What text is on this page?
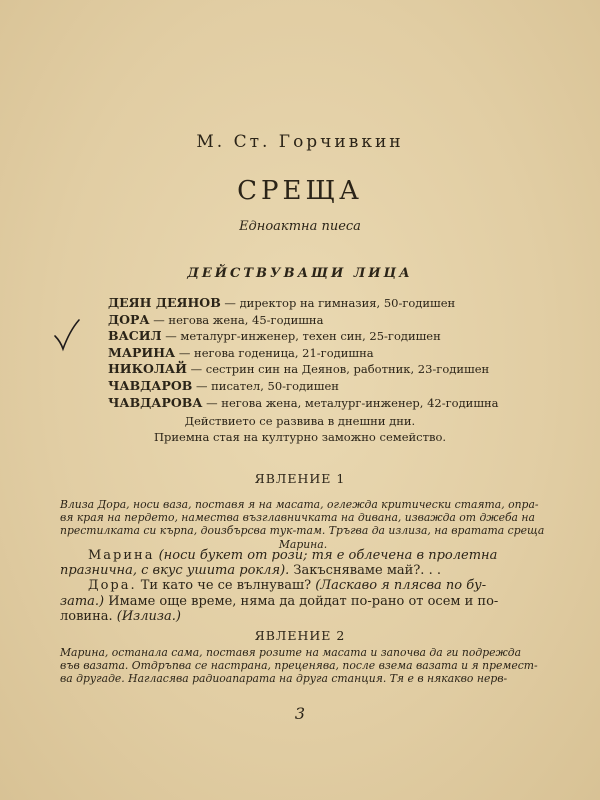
М. Ст. Горчивкин
СРЕЩА
Едноактна пиеса
ДЕЙСТВУВАЩИ ЛИЦА
ДЕЯН ДЕЯНОВ — директор на гимназия, 50-годишен
ДОРА — негова жена, 45-годишна
ВАСИЛ — металург-инженер, техен син, 25-годишен
МАРИНА — негова годеница, 21-годишна
НИКОЛАЙ — сестрин син на Деянов, работник, 23-годишен
ЧАВДАРОВ — писател, 50-годишен
ЧАВДАРОВА — негова жена, металург-инженер, 42-годишна
Действието се развива в днешни дни.
Приемна стая на културно заможно семейство.
ЯВЛЕНИЕ 1
Влиза Дора, носи ваза, поставя я на масата, оглежда критически стаята, опра-
вя края на пердето, намества възглавничката на дивана, изважда от джеба на
престилката си кърпа, доизбърсва тук-там. Тръгва да излиза, на вратата среща
Марина.
Марина (носи букет от рози; тя е облечена в пролетна
празнична, с вкус ушита рокля). Закъсняваме май?. . .
Дора. Ти като че се вълнуваш? (Ласкаво я плясва по бу-
зата.) Имаме още време, няма да дойдат по-рано от осем и по-
ловина. (Излиза.)
ЯВЛЕНИЕ 2
Марина, останала сама, поставя розите на масата и започва да ги подрежда
във вазата. Отдръпва се настрана, преценява, после взема вазата и я премест-
ва другаде. Нагласява радиоапарата на друга станция. Тя е в някакво нерв-
3
